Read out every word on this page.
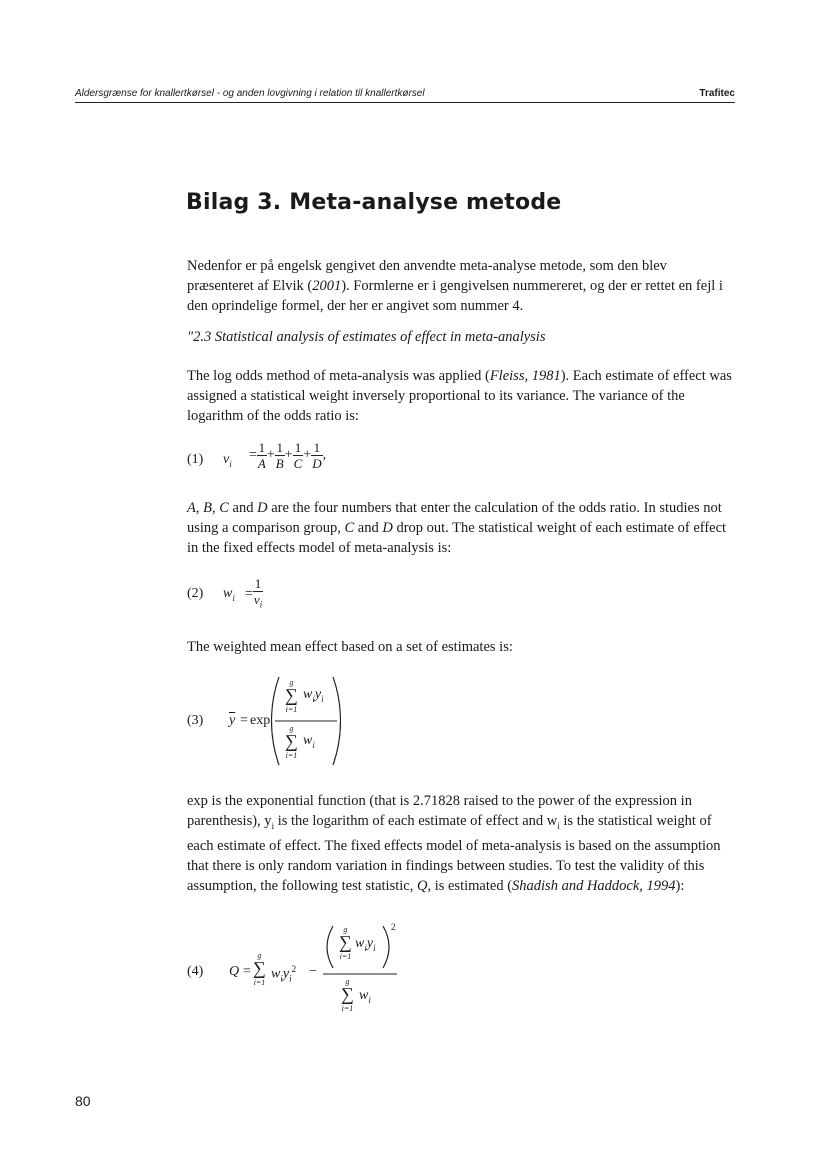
Aldersgrænse for knallertkørsel - og anden lovgivning i relation til knallertkørsel	Trafitec
Bilag 3. Meta-analyse metode

Nedenfor er på engelsk gengivet den anvendte meta-analyse metode, som den blev præsenteret af Elvik (2001). Formlerne er i gengivelsen nummereret, og der er rettet en fejl i den oprindelige formel, der her er angivet som nummer 4.

"2.3 Statistical analysis of estimates of effect in meta-analysis

The log odds method of meta-analysis was applied (Fleiss, 1981). Each estimate of effect was assigned a statistical weight inversely proportional to its variance. The variance of the logarithm of the odds ratio is:

(1) $v_i$
= $\frac{1}{A} + \frac{1}{B} + \frac{1}{C} + \frac{1}{D}$ ,

A, B, C and D are the four numbers that enter the calculation of the odds ratio. In studies not using a comparison group, C and D drop out. The statistical weight of each estimate of effect in the fixed effects model of meta-analysis is:

(2) $w_i = \frac{1}{v_i}$

The weighted mean effect based on a set of estimates is:

(3) $\overline{y} = \exp$
g
∑
i=1
$w_iy_i$
g
∑
i=1
$w_i$

exp is the exponential function (that is 2.71828 raised to the power of the expression in parenthesis), $y_i$ is the logarithm of each estimate of effect and $w_i$ is the statistical weight of each estimate of effect. The fixed effects model of meta-analysis is based on the assumption that there is only random variation in findings between studies. To test the validity of this assumption, the following test statistic, Q, is estimated (Shadish and Haddock, 1994):

(4) Q =
g
∑
i=1
$w_iy_i^2$ −
2
g
∑
i=1
$w_iy_i$
g
∑
i=1
$w_i$
80
